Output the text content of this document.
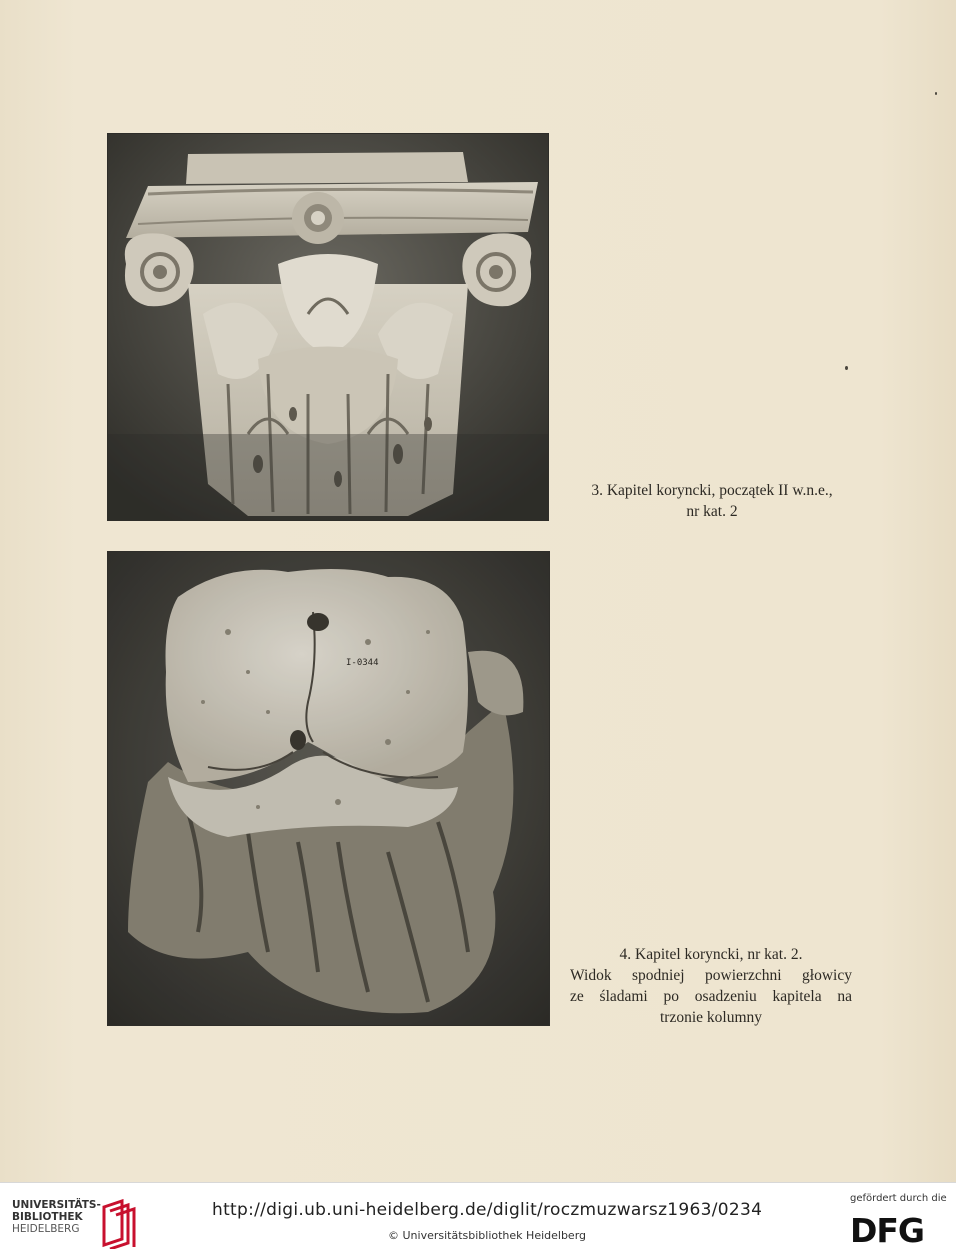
3. Kapitel koryncki, początek II w.n.e.,
nr kat. 2
I-0344
4. Kapitel koryncki, nr kat. 2.
Widok spodniej powierzchni głowicy
ze śladami po osadzeniu kapitela na
trzonie kolumny
UNIVERSITÄTS-
BIBLIOTHEK
HEIDELBERG
http://digi.ub.uni-heidelberg.de/diglit/roczmuzwarsz1963/0234
© Universitätsbibliothek Heidelberg
gefördert durch die
DFG
